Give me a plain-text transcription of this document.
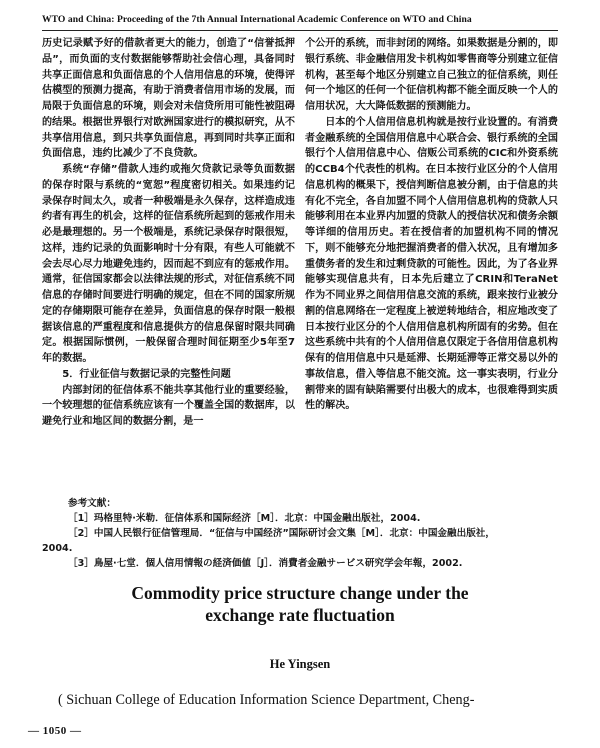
WTO and China: Proceeding of the 7th Annual International Academic Conference on WTO and China

历史记录赋予好的借款者更大的能力，创造了“信誉抵押品”，而负面的支付数据能够帮助社会信心理，具备同时共享正面信息和负面信息的个人信用信息的环境，使得评估模型的预测力提高，有助于消费者信用市场的发展，而局限于负面信息的环境，则会对未信贷所用可能性被阻碍的结果。根据世界银行对欧洲国家进行的模拟研究，从不共享信用信息，到只共享负面信息，再到同时共享正面和负面信息，违约比减少了不良贷款。

系统“存储”借款人违约或拖欠贷款记录等负面数据的保存时限与系统的“宽恕”程度密切相关。如果违约记录保存时间太久，或者一种极端是永久保存，这样造成违约者有再生的机会，这样的征信系统所起到的惩戒作用未必是最理想的。另一个极端是，系统记录保存时限很短，这样，违约记录的负面影响时十分有限，有些人可能就不会去尽心尽力地避免违约，因而起不到应有的惩戒作用。通常，征信国家都会以法律法规的形式，对征信系统不同信息的存储时间要进行明确的规定，但在不同的国家所规定的存储期限可能存在差异，负面信息的保存时限一般根据该信息的严重程度和信息提供方的信息保留时限共同确定。根据国际惯例，一般保留合理时间征期至少5年至7年的数据。

5．行业征信与数据记录的完整性问题

内部封闭的征信体系不能共享其他行业的重要经验，一个较理想的征信系统应该有一个覆盖全国的数据库，以避免行业和地区间的数据分割，是一

个公开的系统，而非封闭的网络。如果数据是分割的，即银行系统、非金融信用发卡机构如零售商等分别建立征信机构，甚至每个地区分别建立自己独立的征信系统，则任何一个地区的任何一个征信机构都不能全面反映一个人的信用状况，大大降低数据的预测能力。

日本的个人信用信息机构就是按行业设置的。有消费者金融系统的全国信用信息中心联合会、银行系统的全国银行个人信用信息中心、信贩公司系统的CIC和外资系统的CCB4个代表性的机构。在日本按行业区分的个人信用信息机构的概果下，授信判断信息被分割，由于信息的共有化不完全，各自加盟不同个人信用信息机构的贷款人只能够利用在本业界内加盟的贷款人的授信状况和债务余额等详细的信用历史。若在授信者的加盟机构不同的情况下，则不能够充分地把握消费者的借入状况，且有增加多重债务者的发生和过剩贷款的可能性。因此，为了各业界能够实现信息共有，日本先后建立了CRIN和TeraNet作为不同业界之间信用信息交流的系统，跟来按行业被分割的信息网络在一定程度上被逆转地结合，相应地改变了日本按行业区分的个人信用信息机构所固有的劣势。但在这些系统中共有的个人信用信息仅限定于各信用信息机构保有的信用信息中只是延滞、长期延滞等正常交易以外的事故信息，借入等信息不能交流。这一事实表明，行业分割带来的固有缺陷需要付出极大的成本，也很难得到实质性的解决。

参考文献：
［1］玛格里特·米勒．征信体系和国际经济［M］．北京：中国金融出版社，2004.
［2］中国人民银行征信管理局．“征信与中国经济”国际研讨会文集［M］．北京：中国金融出版社，
2004.
［3］鳥屋·七堂．個人信用情報の経済価値［J］．消費者金融サービス研究学会年報，2002.
Commodity price structure change under the
exchange rate fluctuation
He Yingsen
( Sichuan College of Education Information Science Department, Cheng-
— 1050 —
